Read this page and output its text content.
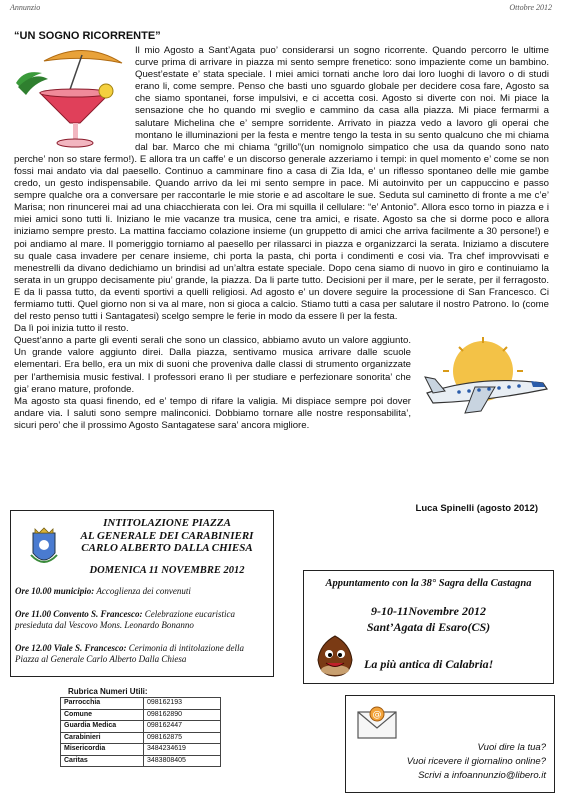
Annunzio	Ottobre 2012
“UN SOGNO RICORRENTE”

Il mio Agosto a Sant’Agata puo’ considerarsi un sogno ricorrente. Quando percorro le ultime curve prima di arrivare in piazza mi sento sempre frenetico: sono impaziente come un bambino. Quest’estate e’ stata speciale. I miei amici tornati anche loro dai loro luoghi di lavoro o di studi erano li, come sempre. Penso che basti uno sguardo globale per decidere cosa fare, Agosto sa che siamo spontanei, forse impulsivi, e ci accetta cosi. Agosto si diverte con noi. Mi piace la sensazione che ho quando mi sveglio e cammino da casa alla piazza. Mi piace fermarmi a salutare Michelina che e’ sempre sorridente. Arrivato in piazza vedo a lavoro gli operai che montano le illuminazioni per la festa e mentre tengo la testa in su sento qualcuno che mi chiama dal bar. Marco che mi chiama “grillo”(un nomignolo simpatico che usa da quando sono nato perche’ non so stare fermo!). E allora tra un caffe’ e un discorso generale azzeriamo i tempi: in quel momento e’ come se non fossi mai andato via dal paesello. Continuo a camminare fino a casa di Zia Ida, e’ un riflesso spontaneo delle mie gambe credo, un gesto indispensabile. Quando arrivo da lei mi sento sempre in pace. Mi autoinvito per un cappuccino e passo sempre qualche ora a conversare per raccontarle le mie storie e ad ascoltare le sue. Seduta sul caminetto di fronte a me c’e’ Marisa; non rinuncerei mai ad una chiacchierata con lei. Ora mi squilla il cellulare: “e’ Antonio”. Allora esco torno in piazza e i miei amici sono tutti li. Iniziano le mie vacanze tra musica, cene tra amici, e risate. Agosto sa che si dorme poco e allora iniziamo sempre presto. La mattina facciamo colazione insieme (un gruppetto di amici che arriva facilmente a 30 persone!) e poi andiamo al mare. Il pomeriggio torniamo al paesello per rilassarci in piazza e organizzarci la serata. Iniziamo a discutere su quale casa invadere per cenare insieme, chi porta la pasta, chi porta i condimenti e cosi via. Tra chef improvvisati e menestrelli da divano dedichiamo un brindisi ad un’altra estate speciale. Dopo cena siamo di nuovo in giro e continuiamo la serata in un gruppo decisamente piu’ grande, la piazza. Da li parte tutto. Decisioni per il mare, per le serate, per il ferragosto. E da li passa tutto, da eventi sportivi a quelli religiosi. Ad agosto e’ un dovere seguire la processione di San Francesco. Ci fermiamo tutti. Quel giorno non si va al mare, non si gioca a calcio. Stiamo tutti a casa per salutare il nostro Patrono. Io (come del resto penso tutti i Santagatesi) scelgo sempre le ferie in modo da essere lì per la festa.

Da lì poi inizia tutto il resto.

Quest’anno a parte gli eventi serali che sono un classico, abbiamo avuto un valore aggiunto. Un grande valore aggiunto direi. Dalla piazza, sentivamo musica arrivare dalle scuole elementari. Era bello, era un mix di suoni che proveniva dalle classi di strumento organizzate per l’arthemisia music festival. I professori erano lì per studiare e perfezionare sonorita’ che gia’ erano mature, profonde.

Ma agosto sta quasi finendo, ed e’ tempo di rifare la valigia. Mi dispiace sempre poi dover andare via. I saluti sono sempre malinconici. Dobbiamo tornare alle nostre responsabilita’, sicuri pero’ che il prossimo Agosto Santagatese sara’ ancora migliore.

Luca Spinelli (agosto 2012)
INTITOLAZIONE PIAZZA
AL GENERALE DEI CARABINIERI
CARLO ALBERTO DALLA CHIESA
DOMENICA 11 NOVEMBRE 2012
Ore 10.00 municipio: Accoglienza dei convenuti
Ore 11.00 Convento S. Francesco: Celebrazione eucaristica presieduta dal Vescovo Mons. Leonardo Bonanno
Ore 12.00 Viale S. Francesco: Cerimonia di intitolazione della Piazza al Generale Carlo Alberto Dalla Chiesa
Appuntamento con la 38° Sagra della Castagna
9-10-11Novembre 2012
Sant’Agata di Esaro(CS)
La più antica di Calabria!
Rubrica Numeri Utili:
Parrocchia	098162193
Comune	098162890
Guardia Medica	098162447
Carabinieri	098162875
Misericordia	3484234619
Caritas	3483808405
@
Vuoi dire la tua?
Vuoi ricevere il giornalino online?
Scrivi a infoannunzio@libero.it
